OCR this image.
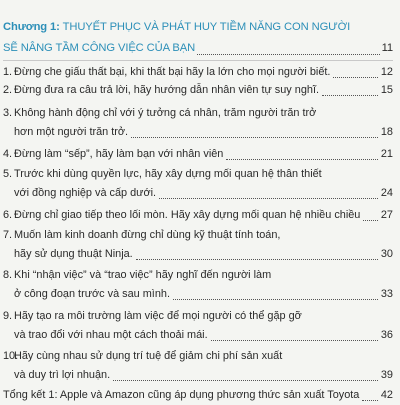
Chương 1: THUYẾT PHỤC VÀ PHÁT HUY TIỀM NĂNG CON NGƯỜI
SẼ NÂNG TẦM CÔNG VIỆC CỦA BẠN	11
1. Đừng che giấu thất bại, khi thất bại hãy la lớn cho mọi người biết.	12
2. Đừng đưa ra câu trả lời, hãy hướng dẫn nhân viên tự suy nghĩ.	15
3. Không hành động chỉ với ý tưởng cá nhân, trăm người trăn trở
hơn một người trăn trở.	18
4. Đừng làm “sếp”, hãy làm bạn với nhân viên	21
5. Trước khi dùng quyền lực, hãy xây dựng mối quan hệ thân thiết
với đồng nghiệp và cấp dưới.	24
6. Đừng chỉ giao tiếp theo lối mòn. Hãy xây dựng mối quan hệ nhiều chiều 27
7. Muốn làm kinh doanh đừng chỉ dùng kỹ thuật tính toán,
hãy sử dụng thuật Ninja.	30
8. Khi “nhận việc” và “trao việc” hãy nghĩ đến người làm
ở công đoạn trước và sau mình.	33
9. Hãy tạo ra môi trường làm việc để mọi người có thể gặp gỡ
và trao đổi với nhau một cách thoải mái.	36
10.
Hãy cùng nhau sử dụng trí tuệ để giảm chi phí sản xuất
và duy trì lợi nhuận.	39
Tổng kết 1: Apple và Amazon cũng áp dụng phương thức sản xuất Toyota 42
